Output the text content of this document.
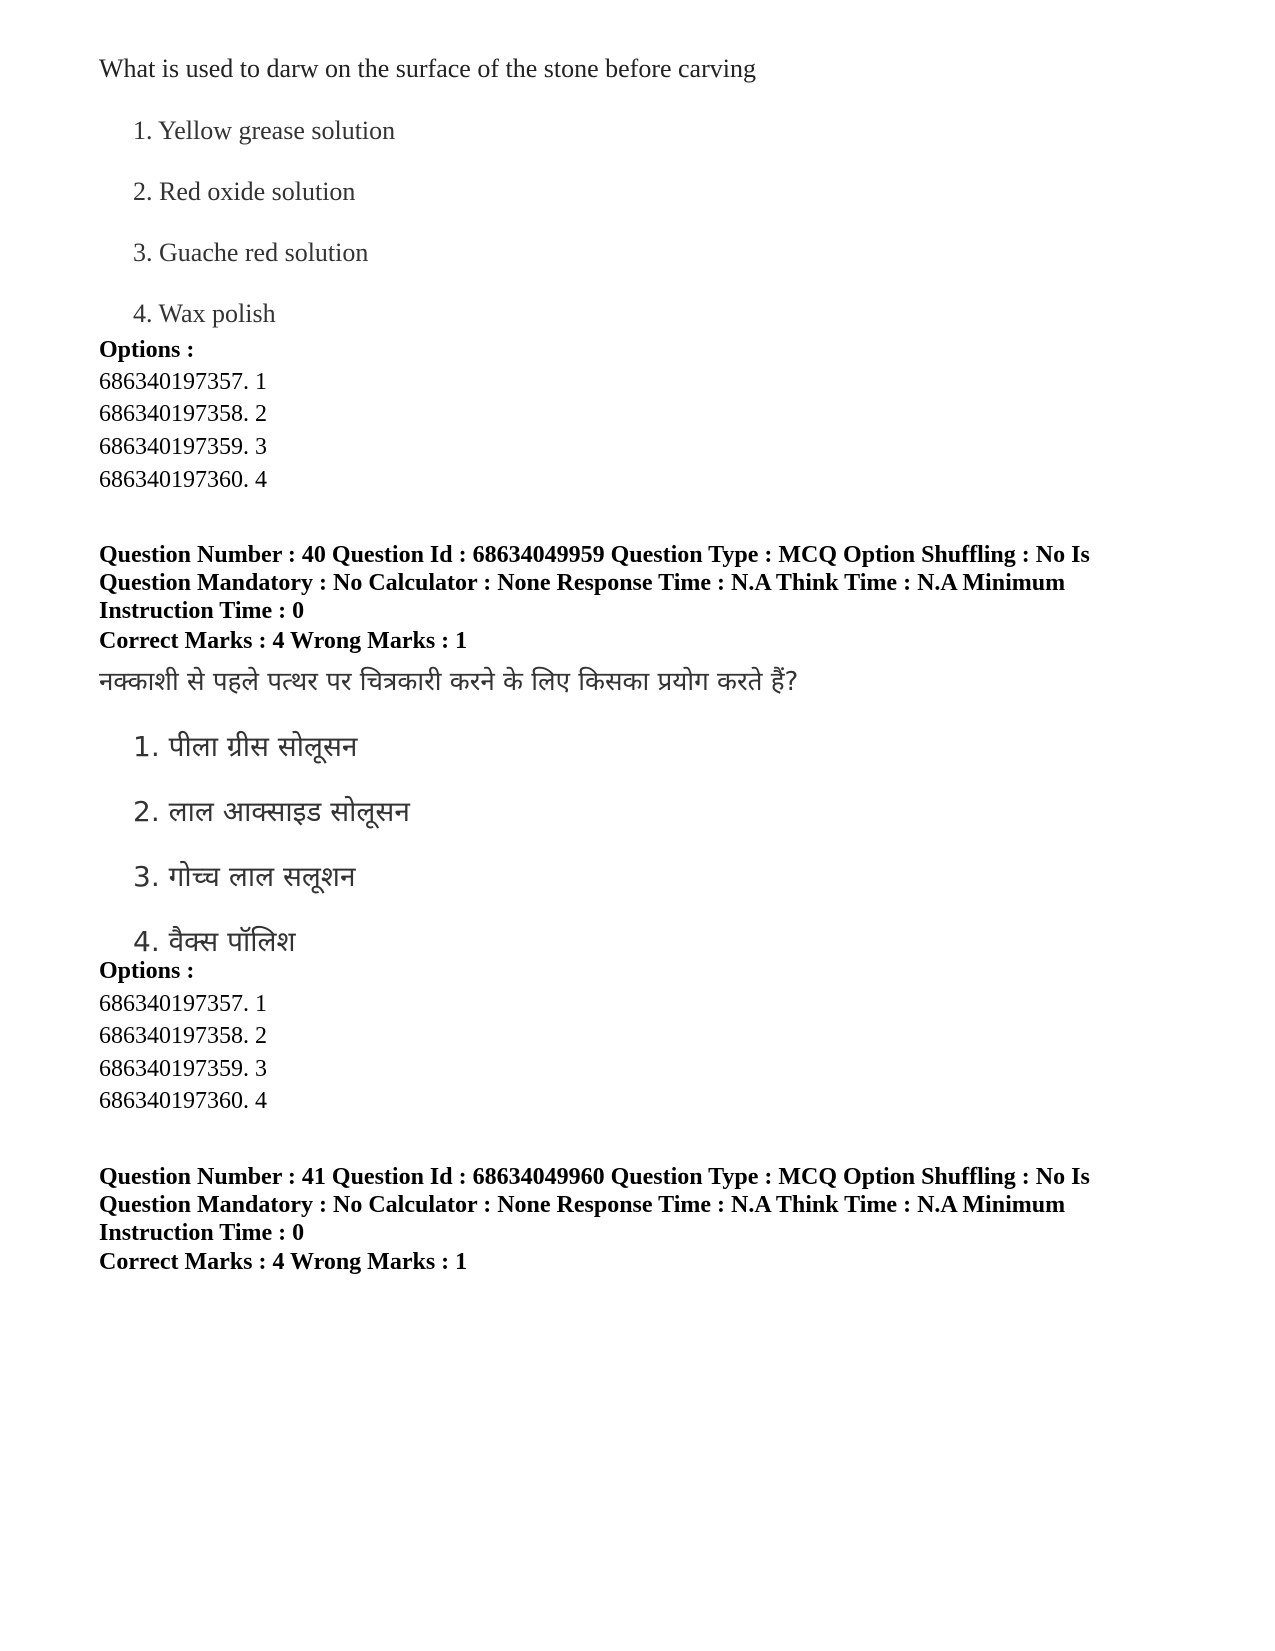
What is used to darw on the surface of the stone before carving
1. Yellow grease solution
2. Red oxide solution
3. Guache red solution
4. Wax polish
Options :
686340197357. 1
686340197358. 2
686340197359. 3
686340197360. 4
Question Number : 40 Question Id : 68634049959 Question Type : MCQ Option Shuffling : No Is
Question Mandatory : No Calculator : None Response Time : N.A Think Time : N.A Minimum
Instruction Time : 0
Correct Marks : 4 Wrong Marks : 1
नक्काशी से पहले पत्थर पर चित्रकारी करने के लिए किसका प्रयोग करते हैं?
1. पीला ग्रीस सोलूसन
2. लाल आक्साइड सोलूसन
3. गोच्च लाल सलूशन
4. वैक्स पॉलिश
Options :
686340197357. 1
686340197358. 2
686340197359. 3
686340197360. 4
Question Number : 41 Question Id : 68634049960 Question Type : MCQ Option Shuffling : No Is
Question Mandatory : No Calculator : None Response Time : N.A Think Time : N.A Minimum
Instruction Time : 0
Correct Marks : 4 Wrong Marks : 1
